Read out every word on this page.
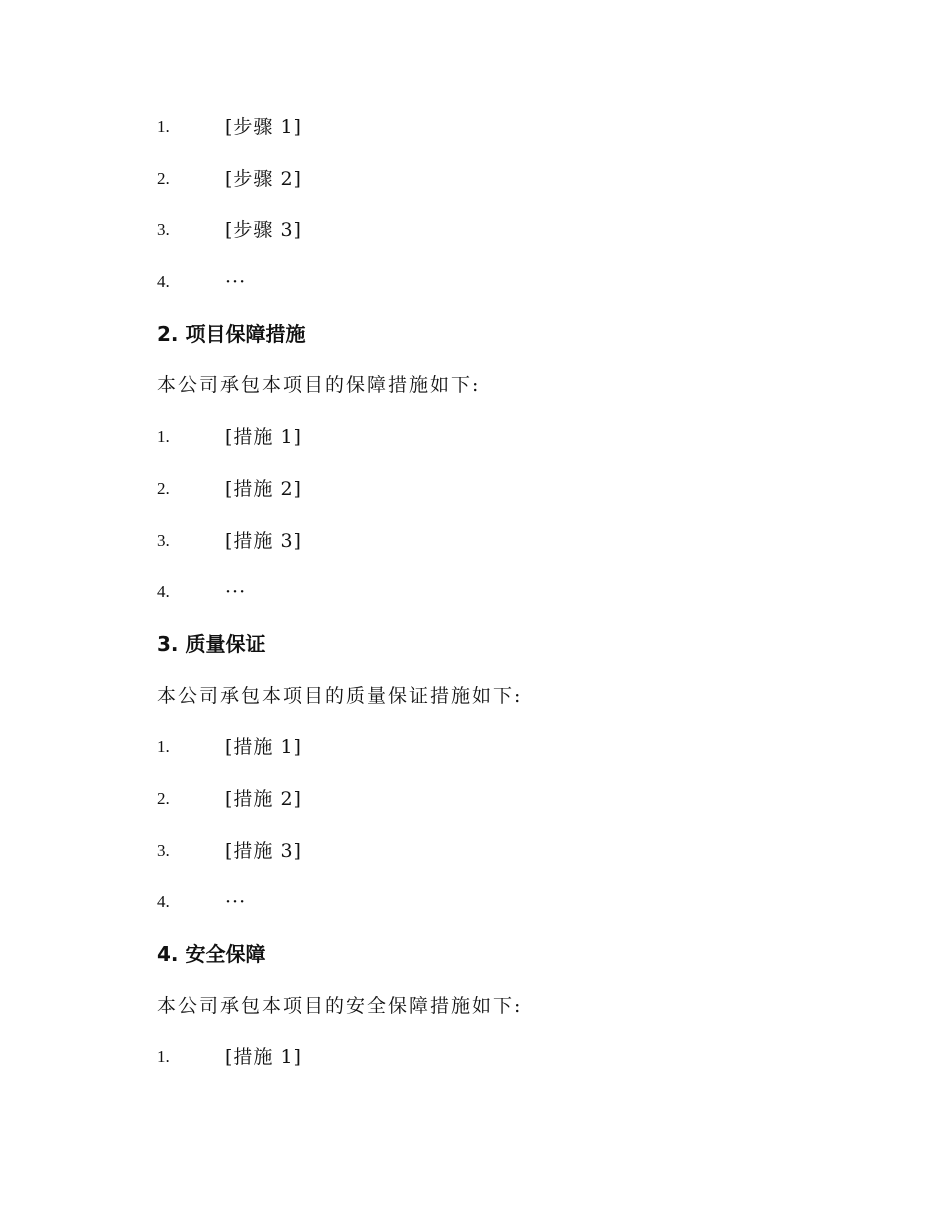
1.	[步骤 1]
2.	[步骤 2]
3.	[步骤 3]
4.	···
2. 项目保障措施
本公司承包本项目的保障措施如下:
1.	[措施 1]
2.	[措施 2]
3.	[措施 3]
4.	···
3. 质量保证
本公司承包本项目的质量保证措施如下:
1.	[措施 1]
2.	[措施 2]
3.	[措施 3]
4.	···
4. 安全保障
本公司承包本项目的安全保障措施如下:
1.	[措施 1]
